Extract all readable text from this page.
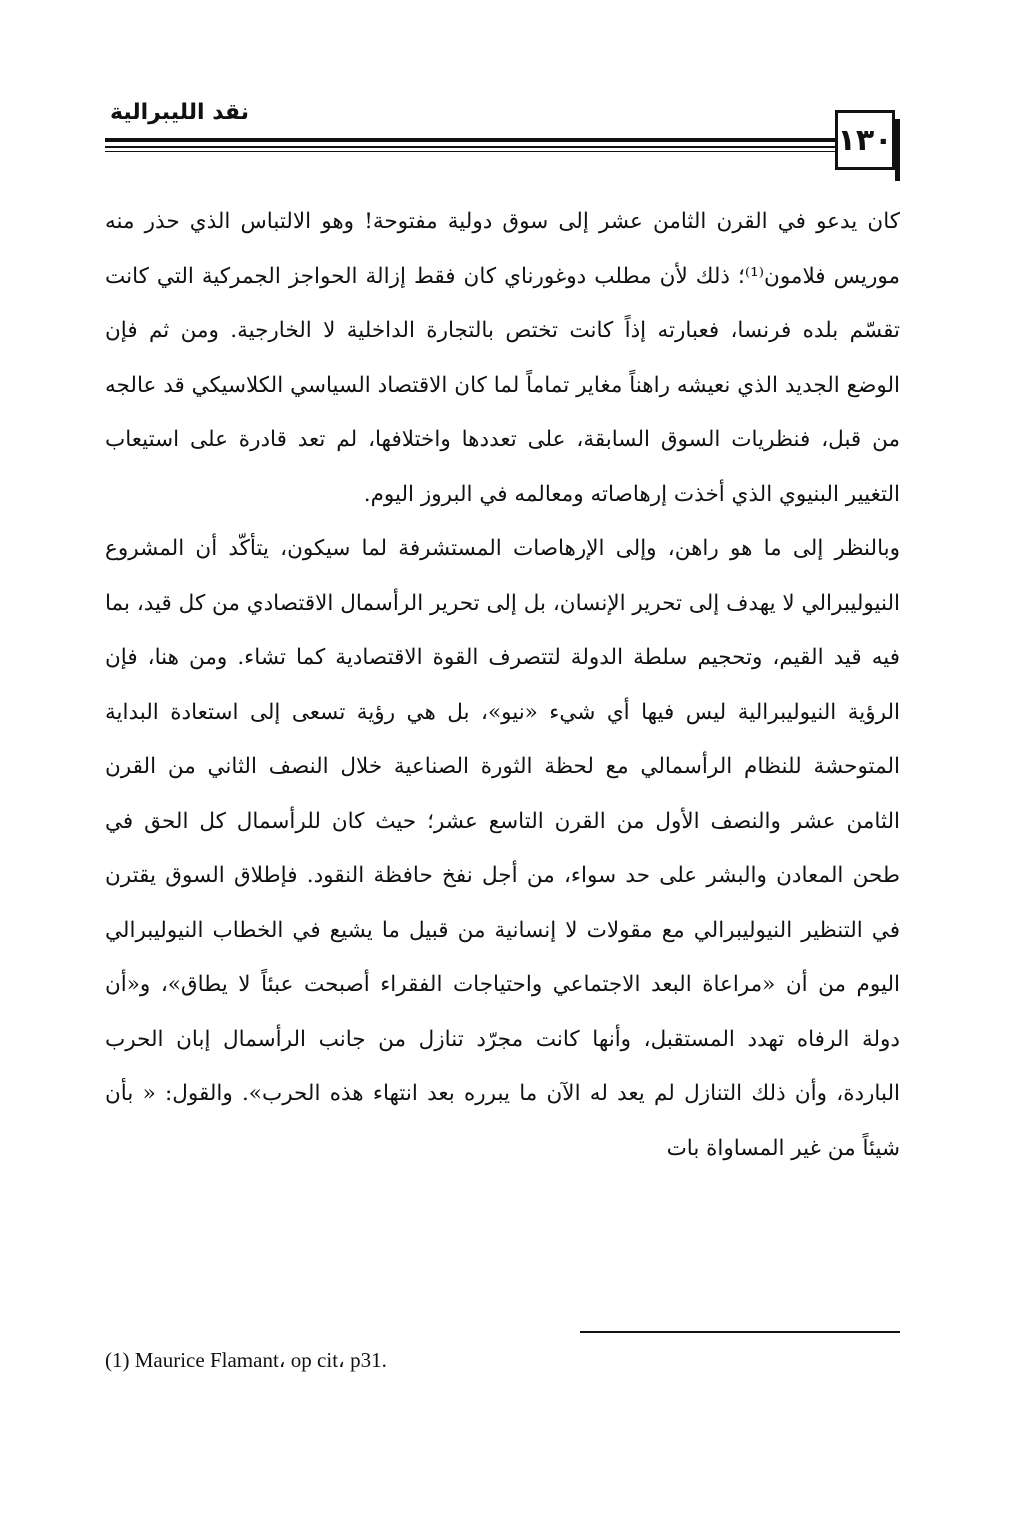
نقد الليبرالية
١٣٠

كان يدعو في القرن الثامن عشر إلى سوق دولية مفتوحة! وهو الالتباس الذي حذر منه موريس فلامون⁽¹⁾؛ ذلك لأن مطلب دوغورناي كان فقط إزالة الحواجز الجمركية التي كانت تقسّم بلده فرنسا، فعبارته إذاً كانت تختص بالتجارة الداخلية لا الخارجية. ومن ثم فإن الوضع الجديد الذي نعيشه راهناً مغاير تماماً لما كان الاقتصاد السياسي الكلاسيكي قد عالجه من قبل، فنظريات السوق السابقة، على تعددها واختلافها، لم تعد قادرة على استيعاب التغيير البنيوي الذي أخذت إرهاصاته ومعالمه في البروز اليوم.

وبالنظر إلى ما هو راهن، وإلى الإرهاصات المستشرفة لما سيكون، يتأكّد أن المشروع النيوليبرالي لا يهدف إلى تحرير الإنسان، بل إلى تحرير الرأسمال الاقتصادي من كل قيد، بما فيه قيد القيم، وتحجيم سلطة الدولة لتتصرف القوة الاقتصادية كما تشاء. ومن هنا، فإن الرؤية النيوليبرالية ليس فيها أي شيء «نيو»، بل هي رؤية تسعى إلى استعادة البداية المتوحشة للنظام الرأسمالي مع لحظة الثورة الصناعية خلال النصف الثاني من القرن الثامن عشر والنصف الأول من القرن التاسع عشر؛ حيث كان للرأسمال كل الحق في طحن المعادن والبشر على حد سواء، من أجل نفخ حافظة النقود. فإطلاق السوق يقترن في التنظير النيوليبرالي مع مقولات لا إنسانية من قبيل ما يشيع في الخطاب النيوليبرالي اليوم من أن «مراعاة البعد الاجتماعي واحتياجات الفقراء أصبحت عبئاً لا يطاق»، و«أن دولة الرفاه تهدد المستقبل، وأنها كانت مجرّد تنازل من جانب الرأسمال إبان الحرب الباردة، وأن ذلك التنازل لم يعد له الآن ما يبرره بعد انتهاء هذه الحرب». والقول: « بأن شيئاً من غير المساواة بات

(1) Maurice Flamant، op cit، p31.
